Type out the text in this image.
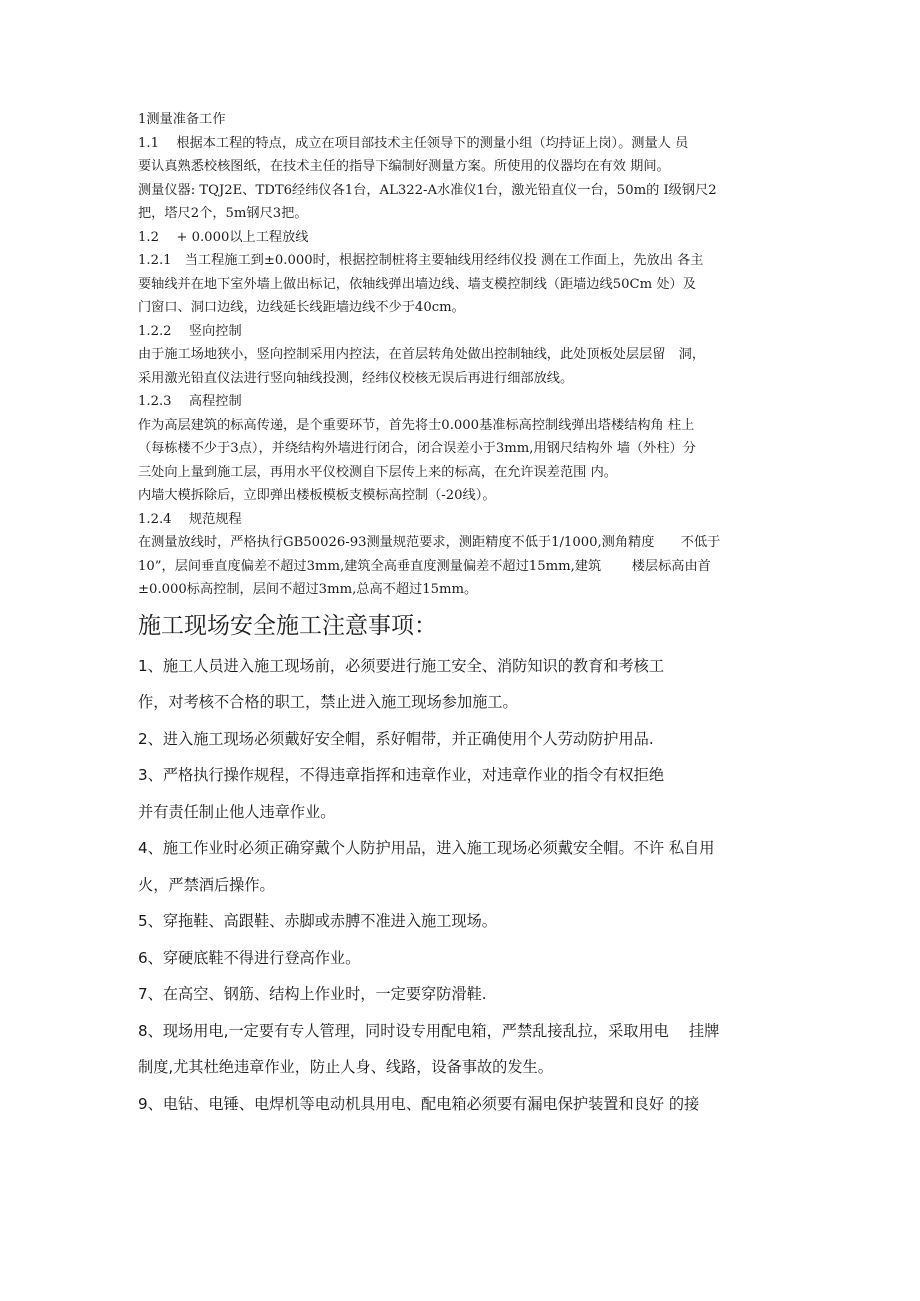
1测量准备工作
1.1　 根据本工程的特点，成立在项目部技术主任领导下的测量小组（均持证上岗）。测量人 员
要认真熟悉校核图纸，在技术主任的指导下编制好测量方案。所使用的仪器均在有效 期间。
测量仪器: TQJ2E、TDT6经纬仪各1台，AL322-A水准仪1台，激光铅直仪一台，50m的 I级钢尺2
把，塔尺2个，5m钢尺3把。
1.2　 + 0.000以上工程放线
1.2.1　当工程施工到±0.000时，根据控制桩将主要轴线用经纬仪投 测在工作面上，先放出 各主
要轴线并在地下室外墙上做出标记，依轴线弹出墙边线、墙支模控制线（距墙边线50Cm 处）及
门窗口、洞口边线，边线延长线距墙边线不少于40cm。
1.2.2　 竖向控制
由于施工场地狭小，竖向控制采用内控法，在首层转角处做出控制轴线，此处顶板处层层留　洞，
采用激光铅直仪法进行竖向轴线投测，经纬仪校核无误后再进行细部放线。
1.2.3　 高程控制
作为高层建筑的标高传递，是个重要环节，首先将士0.000基准标高控制线弹出塔楼结构角 柱上
（每栋楼不少于3点），并绕结构外墙进行闭合，闭合误差小于3mm,用钢尺结构外 墙（外柱）分
三处向上量到施工层，再用水平仪校测自下层传上来的标高，在允许误差范围 内。
内墙大模拆除后，立即弹出楼板模板支模标高控制（-20线）。
1.2.4　 规范规程
在测量放线时，严格执行GB50026-93测量规范要求，测距精度不低于1/1000,测角精度　　不低于
10”，层间垂直度偏差不超过3mm,建筑全高垂直度测量偏差不超过15mm,建筑　　 楼层标高由首
±0.000标高控制，层间不超过3mm,总高不超过15mm。
施工现场安全施工注意事项：
1、施工人员进入施工现场前，必须要进行施工安全、消防知识的教育和考核工
作，对考核不合格的职工，禁止进入施工现场参加施工。
2、进入施工现场必须戴好安全帽，系好帽带，并正确使用个人劳动防护用品.
3、严格执行操作规程，不得违章指挥和违章作业，对违章作业的指令有权拒绝
并有责任制止他人违章作业。
4、施工作业时必须正确穿戴个人防护用品，进入施工现场必须戴安全帽。不许 私自用
火，严禁酒后操作。
5、穿拖鞋、高跟鞋、赤脚或赤膊不准进入施工现场。
6、穿硬底鞋不得进行登高作业。
7、在高空、钢筋、结构上作业时，一定要穿防滑鞋.
8、现场用电,一定要有专人管理，同时设专用配电箱，严禁乱接乱拉，采取用电　 挂牌
制度,尤其杜绝违章作业，防止人身、线路，设备事故的发生。
9、电钻、电锤、电焊机等电动机具用电、配电箱必须要有漏电保护装置和良好 的接
